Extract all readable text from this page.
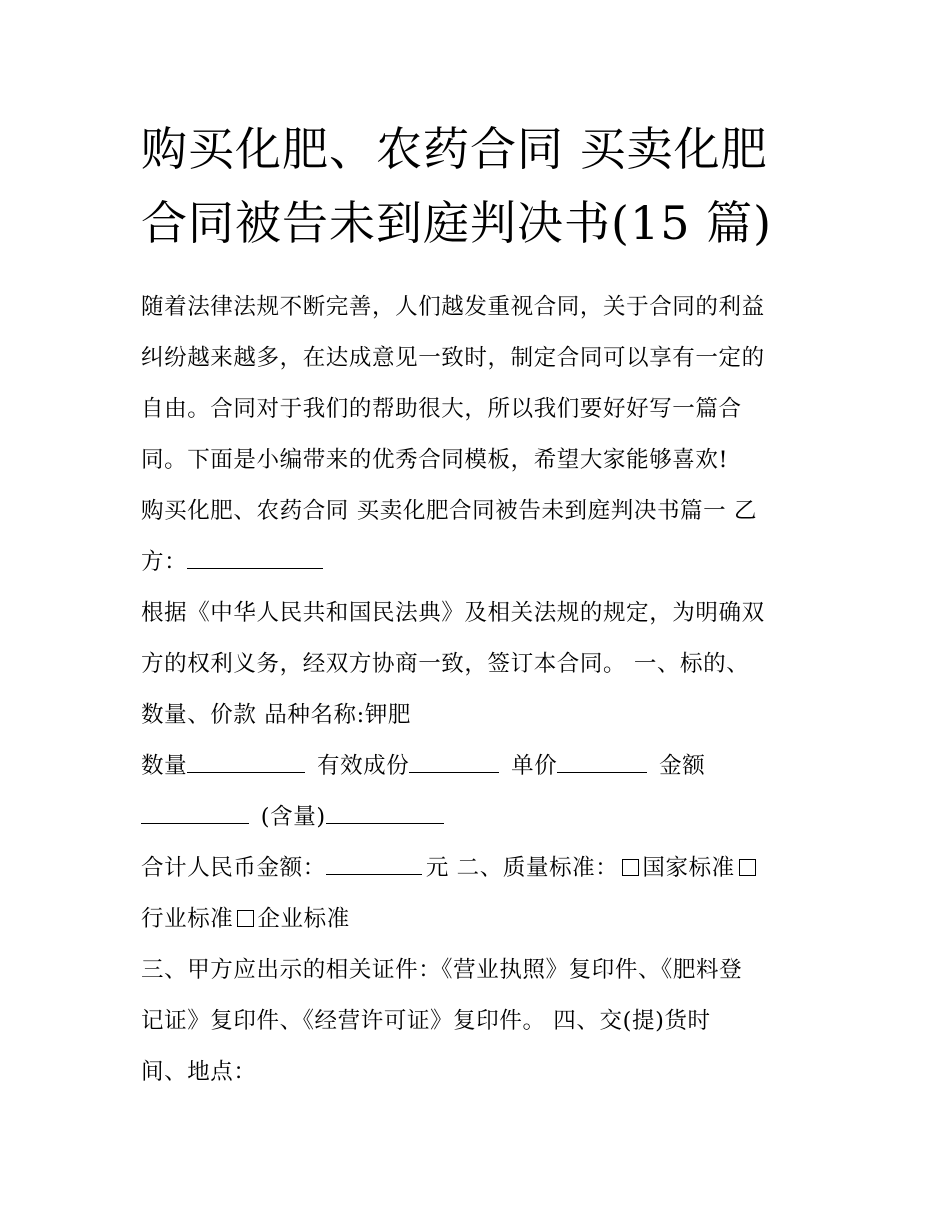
购买化肥、农药合同 买卖化肥
合同被告未到庭判决书(15 篇)
随着法律法规不断完善，人们越发重视合同，关于合同的利益
纠纷越来越多，在达成意见一致时，制定合同可以享有一定的
自由。合同对于我们的帮助很大，所以我们要好好写一篇合
同。下面是小编带来的优秀合同模板，希望大家能够喜欢!
购买化肥、农药合同 买卖化肥合同被告未到庭判决书篇一 乙
方：
根据《中华人民共和国民法典》及相关法规的规定，为明确双
方的权利义务，经双方协商一致，签订本合同。 一、标的、
数量、价款 品种名称:钾肥
数量	有效成份	单价	金额
(含量)
合计人民币金额：	元 二、质量标准： 国家标准
行业标准 企业标准
三、甲方应出示的相关证件：《营业执照》复印件、《肥料登
记证》复印件、《经营许可证》复印件。 四、交(提)货时
间、地点：
